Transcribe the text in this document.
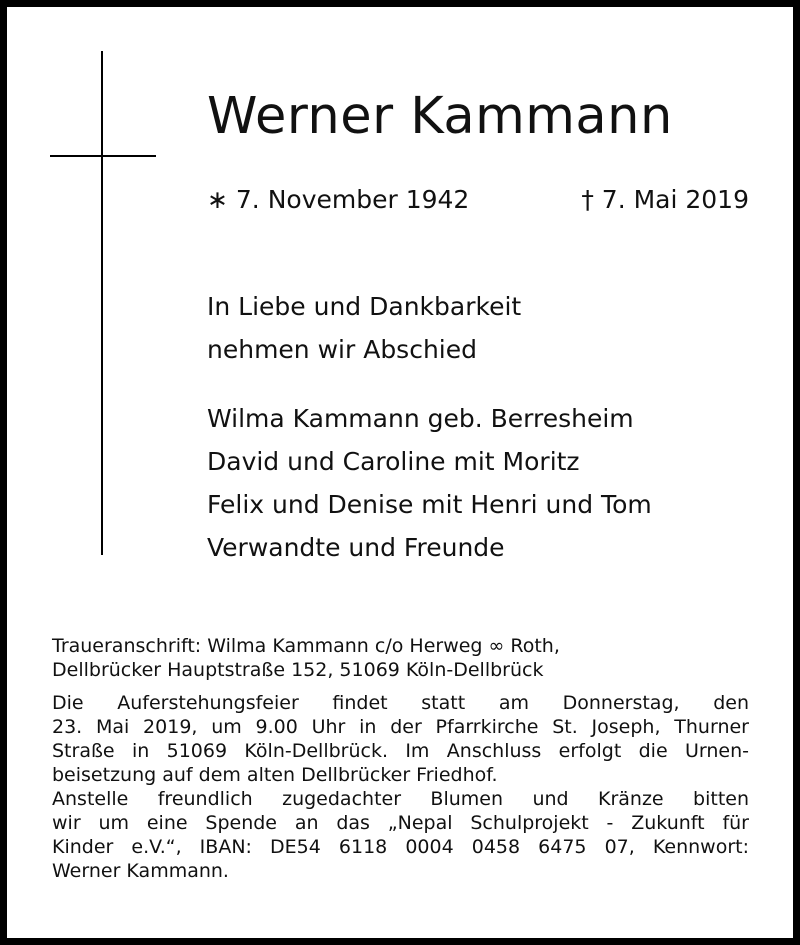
Werner Kammann
∗ 7. November 1942	† 7. Mai 2019
In Liebe und Dankbarkeit
nehmen wir Abschied
Wilma Kammann geb. Berresheim
David und Caroline mit Moritz
Felix und Denise mit Henri und Tom
Verwandte und Freunde
Traueranschrift: Wilma Kammann c/o Herweg ∞ Roth,
Dellbrücker Hauptstraße 152, 51069 Köln-Dellbrück
Die Auferstehungsfeier findet statt am Donnerstag, den
23. Mai 2019, um 9.00 Uhr in der Pfarrkirche St. Joseph, Thurner
Straße in 51069 Köln-Dellbrück. Im Anschluss erfolgt die Urnen-
beisetzung auf dem alten Dellbrücker Friedhof.
Anstelle freundlich zugedachter Blumen und Kränze bitten
wir um eine Spende an das „Nepal Schulprojekt - Zukunft für
Kinder e.V.“, IBAN: DE54 6118 0004 0458 6475 07, Kennwort:
Werner Kammann.
